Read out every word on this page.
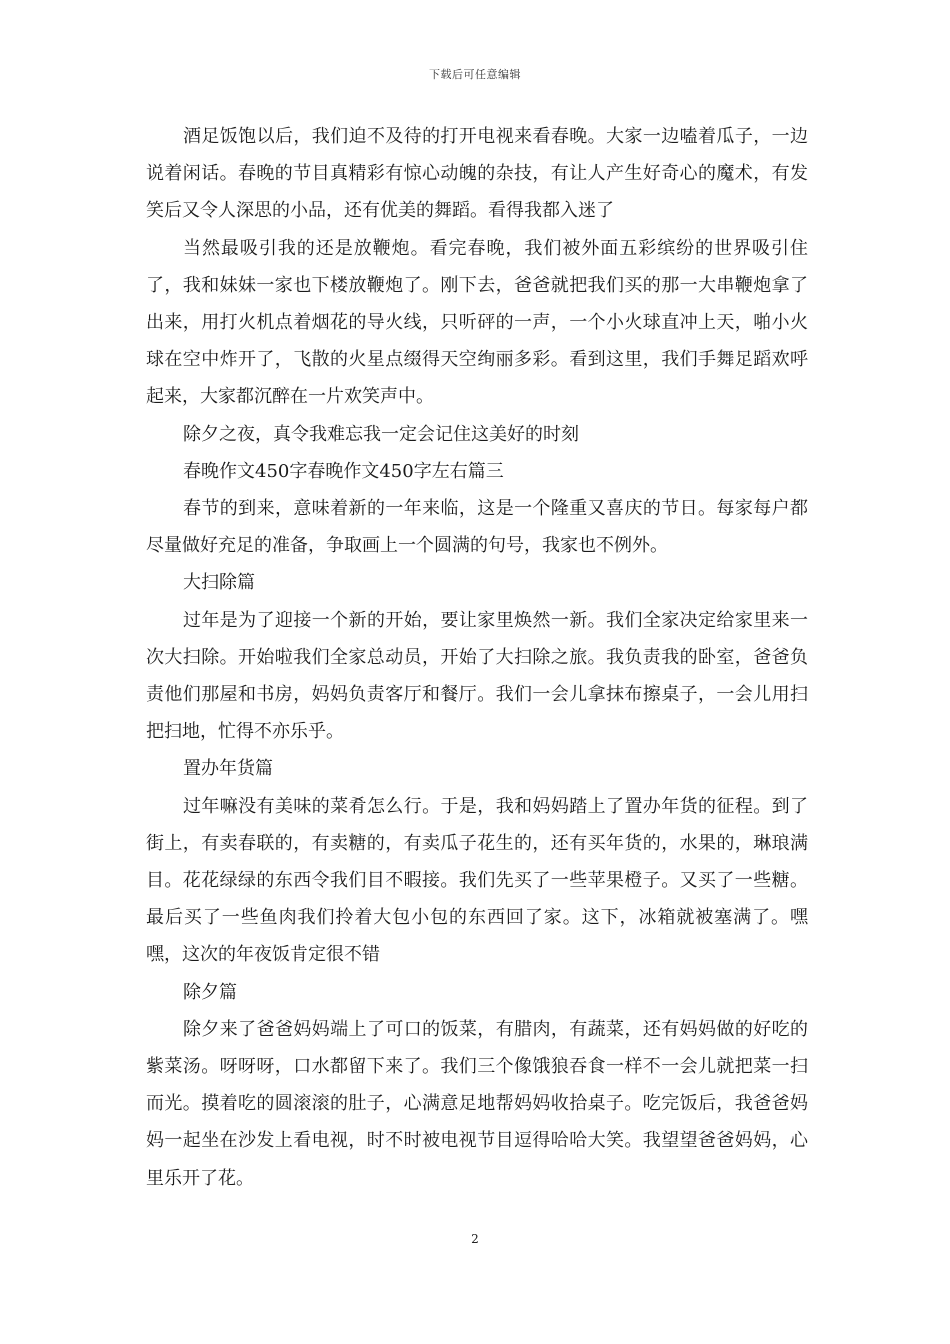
下载后可任意编辑

酒足饭饱以后，我们迫不及待的打开电视来看春晚。大家一边嗑着瓜子，一边说着闲话。春晚的节目真精彩有惊心动魄的杂技，有让人产生好奇心的魔术，有发笑后又令人深思的小品，还有优美的舞蹈。看得我都入迷了

当然最吸引我的还是放鞭炮。看完春晚，我们被外面五彩缤纷的世界吸引住了，我和妹妹一家也下楼放鞭炮了。刚下去，爸爸就把我们买的那一大串鞭炮拿了出来，用打火机点着烟花的导火线，只听砰的一声，一个小火球直冲上天，啪小火球在空中炸开了，飞散的火星点缀得天空绚丽多彩。看到这里，我们手舞足蹈欢呼起来，大家都沉醉在一片欢笑声中。

除夕之夜，真令我难忘我一定会记住这美好的时刻

春晚作文450字春晚作文450字左右篇三

春节的到来，意味着新的一年来临，这是一个隆重又喜庆的节日。每家每户都尽量做好充足的准备，争取画上一个圆满的句号，我家也不例外。

大扫除篇

过年是为了迎接一个新的开始，要让家里焕然一新。我们全家决定给家里来一次大扫除。开始啦我们全家总动员，开始了大扫除之旅。我负责我的卧室，爸爸负责他们那屋和书房，妈妈负责客厅和餐厅。我们一会儿拿抹布擦桌子，一会儿用扫把扫地，忙得不亦乐乎。

置办年货篇

过年嘛没有美味的菜肴怎么行。于是，我和妈妈踏上了置办年货的征程。到了街上，有卖春联的，有卖糖的，有卖瓜子花生的，还有买年货的，水果的，琳琅满目。花花绿绿的东西令我们目不暇接。我们先买了一些苹果橙子。又买了一些糖。最后买了一些鱼肉我们拎着大包小包的东西回了家。这下，冰箱就被塞满了。嘿嘿，这次的年夜饭肯定很不错

除夕篇

除夕来了爸爸妈妈端上了可口的饭菜，有腊肉，有蔬菜，还有妈妈做的好吃的紫菜汤。呀呀呀，口水都留下来了。我们三个像饿狼吞食一样不一会儿就把菜一扫而光。摸着吃的圆滚滚的肚子，心满意足地帮妈妈收拾桌子。吃完饭后，我爸爸妈妈一起坐在沙发上看电视，时不时被电视节目逗得哈哈大笑。我望望爸爸妈妈，心里乐开了花。

2
